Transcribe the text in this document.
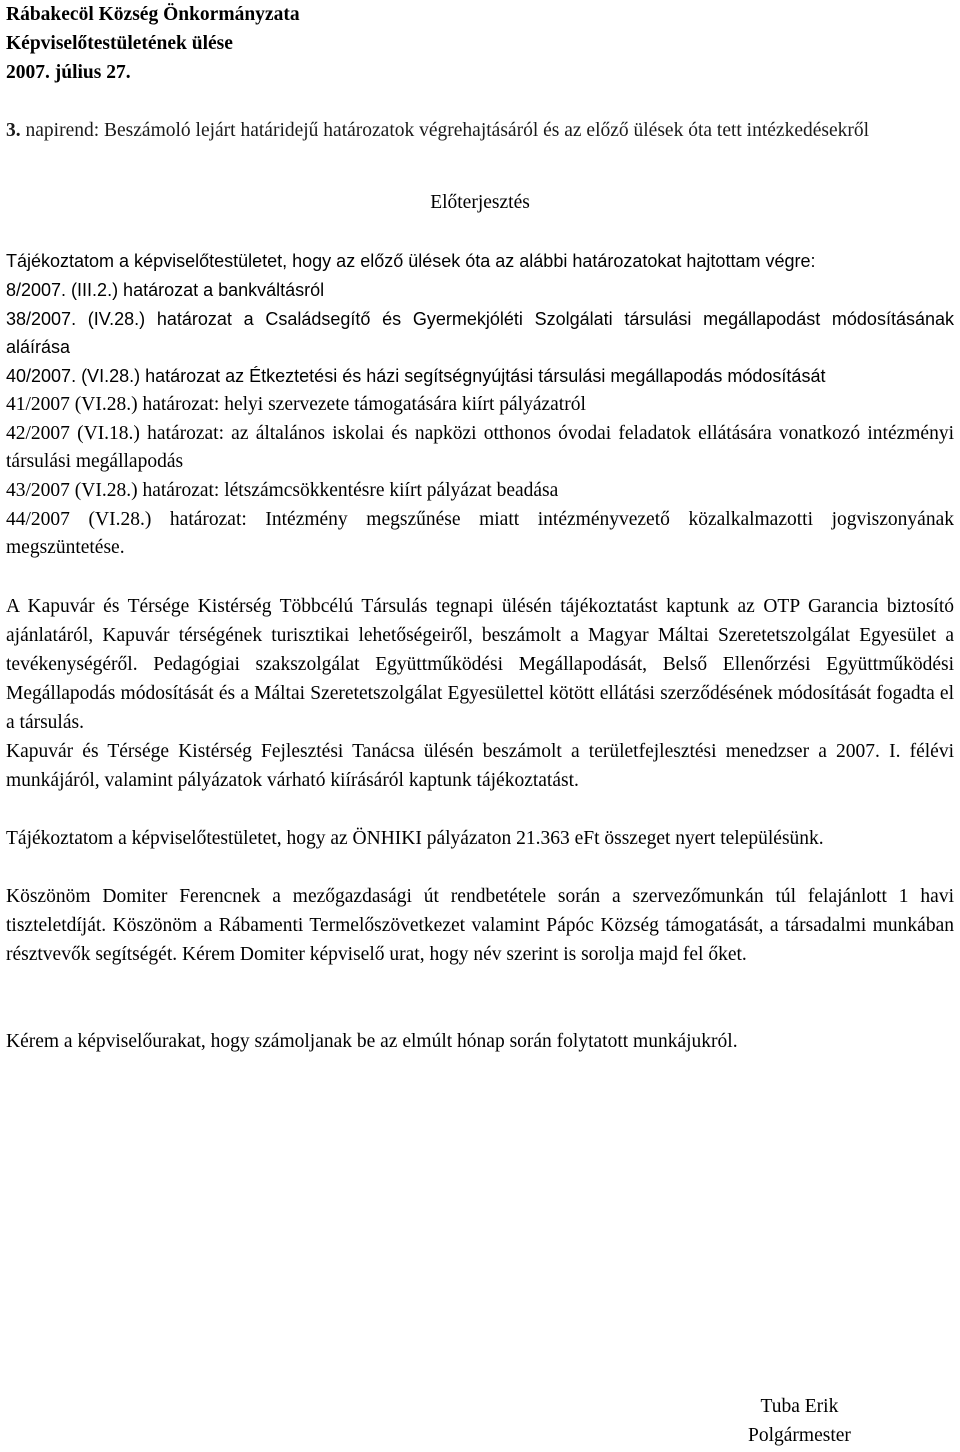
Rábakecöl Község Önkormányzata
Képviselőtestületének ülése
2007. július 27.
3. napirend: Beszámoló lejárt határidejű határozatok végrehajtásáról és az előző ülések óta tett intézkedésekről
Előterjesztés
Tájékoztatom a képviselőtestületet, hogy az előző ülések óta az alábbi határozatokat hajtottam végre:
8/2007. (III.2.) határozat a bankváltásról
38/2007. (IV.28.) határozat a Családsegítő és Gyermekjóléti Szolgálati társulási megállapodást módosításának aláírása
40/2007. (VI.28.) határozat az Étkeztetési és házi segítségnyújtási társulási megállapodás módosítását
41/2007 (VI.28.) határozat: helyi szervezete támogatására kiírt pályázatról
42/2007 (VI.18.) határozat: az általános iskolai és napközi otthonos óvodai feladatok ellátására vonatkozó intézményi társulási megállapodás
43/2007 (VI.28.) határozat: létszámcsökkentésre kiírt pályázat beadása
44/2007 (VI.28.) határozat: Intézmény megszűnése miatt intézményvezető közalkalmazotti jogviszonyának megszüntetése.
A Kapuvár és Térsége Kistérség Többcélú Társulás tegnapi ülésén tájékoztatást kaptunk az OTP Garancia biztosító ajánlatáról, Kapuvár térségének turisztikai lehetőségeiről, beszámolt a Magyar Máltai Szeretetszolgálat Egyesület a tevékenységéről. Pedagógiai szakszolgálat Együttműködési Megállapodását, Belső Ellenőrzési Együttműködési Megállapodás módosítását és a Máltai Szeretetszolgálat Egyesülettel kötött ellátási szerződésének módosítását fogadta el a társulás.
Kapuvár és Térsége Kistérség Fejlesztési Tanácsa ülésén beszámolt a területfejlesztési menedzser a 2007. I. félévi munkájáról, valamint pályázatok várható kiírásáról kaptunk tájékoztatást.
Tájékoztatom a képviselőtestületet, hogy az ÖNHIKI pályázaton 21.363 eFt összeget nyert településünk.
Köszönöm Domiter Ferencnek a mezőgazdasági út rendbetétele során a szervezőmunkán túl felajánlott 1 havi tiszteletdíját. Köszönöm a Rábamenti Termelőszövetkezet valamint Pápóc Község támogatását, a társadalmi munkában résztvevők segítségét. Kérem Domiter képviselő urat, hogy név szerint is sorolja majd fel őket.
Kérem a képviselőurakat, hogy számoljanak be az elmúlt hónap során folytatott munkájukról.
Tuba Erik
Polgármester
